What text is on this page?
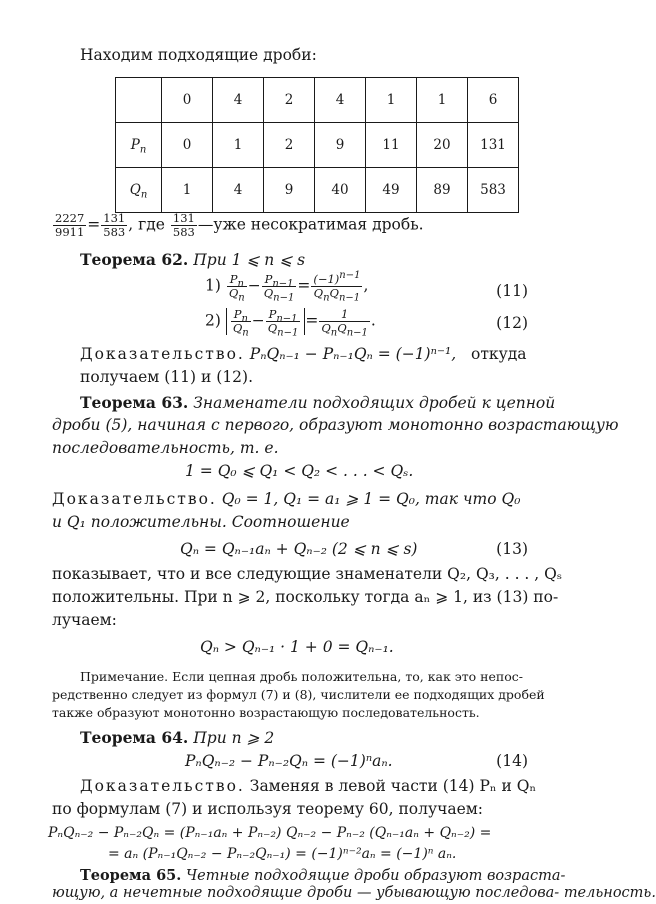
Находим подходящие дроби:
	0	4	2	4	1	1	6
$P_n$	0	1	2	9	11	20	131
$Q_n$	1	4	9	40	49	89	583
$\frac{2227}{9911} = \frac{131}{583}$ , где $\frac{131}{583}$ —уже несократимая дробь.
Теорема 62. При 1 ⩽ n ⩽ s
$1) \frac{P_n}{Q_n} - \frac{P_{n-1}}{Q_{n-1}} = \frac{(-1)^{n-1}}{Q_nQ_{n-1}}$ ,	(11)
$2) \frac{P_n}{Q_n} - \frac{P_{n-1}}{Q_{n-1}} = \frac{1}{Q_nQ_{n-1}}$ .	(12)
Доказательство. PₙQₙ₋₁ − Pₙ₋₁Qₙ = (−1)ⁿ⁻¹, откуда
получаем (11) и (12).
Теорема 63. Знаменатели подходящих дробей к цепной
дроби (5), начиная с первого, образуют монотонно возрастающую
последовательность, т. е.
1 = Q₀ ⩽ Q₁ < Q₂ < . . . < Qₛ.
Доказательство. Q₀ = 1, Q₁ = a₁ ⩾ 1 = Q₀, так что Q₀
и Q₁ положительны. Соотношение
Qₙ = Qₙ₋₁aₙ + Qₙ₋₂ (2 ⩽ n ⩽ s)	(13)
показывает, что и все следующие знаменатели Q₂, Q₃, . . . , Qₛ
положительны. При n ⩾ 2, поскольку тогда aₙ ⩾ 1, из (13) по-
лучаем:
Qₙ > Qₙ₋₁ · 1 + 0 = Qₙ₋₁.
Примечание. Если цепная дробь положительна, то, как это непос-
редственно следует из формул (7) и (8), числители ее подходящих дробей
также образуют монотонно возрастающую последовательность.
Теорема 64. При n ⩾ 2
PₙQₙ₋₂ − Pₙ₋₂Qₙ = (−1)ⁿaₙ.	(14)
Доказательство. Заменяя в левой части (14) Pₙ и Qₙ
по формулам (7) и используя теорему 60, получаем:
PₙQₙ₋₂ − Pₙ₋₂Qₙ = (Pₙ₋₁aₙ + Pₙ₋₂) Qₙ₋₂ − Pₙ₋₂ (Qₙ₋₁aₙ + Qₙ₋₂) =
= aₙ (Pₙ₋₁Qₙ₋₂ − Pₙ₋₂Qₙ₋₁) = (−1)ⁿ⁻²aₙ = (−1)ⁿ aₙ.
Теорема 65. Четные подходящие дроби образуют возраста-
ющую, а нечетные подходящие дроби — убывающую последова- тельность.
